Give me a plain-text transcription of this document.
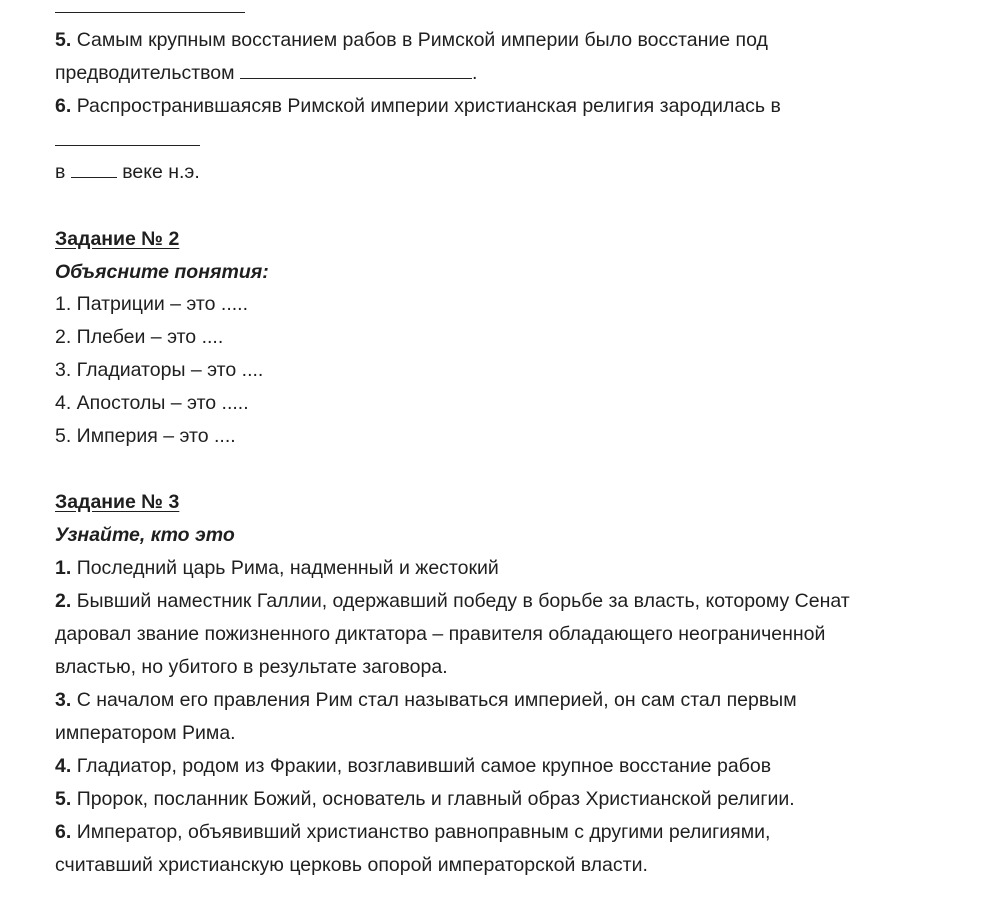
5. Самым крупным восстанием рабов в Римской империи было восстание под
предводительством	.
6. Распространившаясяв Римской империи христианская религия зародилась в
в	веке н.э.
Задание № 2
Объясните понятия:
1. Патриции – это .....
2. Плебеи – это ....
3. Гладиаторы – это ....
4. Апостолы – это .....
5. Империя – это ....
Задание № 3
Узнайте, кто это
1. Последний царь Рима, надменный и жестокий
2. Бывший наместник Галлии, одержавший победу в борьбе за власть, которому Сенат
даровал звание пожизненного диктатора – правителя обладающего неограниченной
властью, но убитого в результате заговора.
3. С началом его правления Рим стал называться империей, он сам стал первым
императором Рима.
4. Гладиатор, родом из Фракии, возглавивший самое крупное восстание рабов
5. Пророк, посланник Божий, основатель и главный образ Христианской религии.
6. Император, объявивший христианство равноправным с другими религиями,
считавший христианскую церковь опорой императорской власти.
